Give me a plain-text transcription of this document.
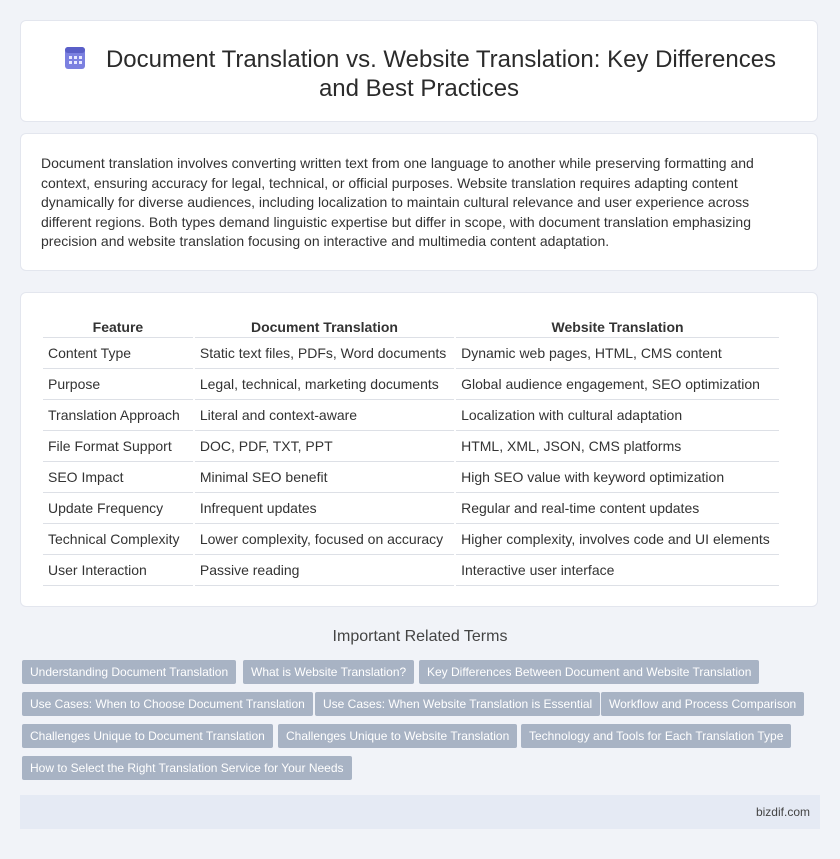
Document Translation vs. Website Translation: Key Differences and Best Practices

Document translation involves converting written text from one language to another while preserving formatting and context, ensuring accuracy for legal, technical, or official purposes. Website translation requires adapting content dynamically for diverse audiences, including localization to maintain cultural relevance and user experience across different regions. Both types demand linguistic expertise but differ in scope, with document translation emphasizing precision and website translation focusing on interactive and multimedia content adaptation.

Feature	Document Translation	Website Translation
Content Type	Static text files, PDFs, Word documents	Dynamic web pages, HTML, CMS content
Purpose	Legal, technical, marketing documents	Global audience engagement, SEO optimization
Translation Approach	Literal and context-aware	Localization with cultural adaptation
File Format Support	DOC, PDF, TXT, PPT	HTML, XML, JSON, CMS platforms
SEO Impact	Minimal SEO benefit	High SEO value with keyword optimization
Update Frequency	Infrequent updates	Regular and real-time content updates
Technical Complexity	Lower complexity, focused on accuracy	Higher complexity, involves code and UI elements
User Interaction	Passive reading	Interactive user interface
Important Related Terms
Understanding Document Translation	What is Website Translation?	Key Differences Between Document and Website Translation
Use Cases: When to Choose Document Translation	Use Cases: When Website Translation is Essential	Workflow and Process Comparison
Challenges Unique to Document Translation	Challenges Unique to Website Translation	Technology and Tools for Each Translation Type
How to Select the Right Translation Service for Your Needs
bizdif.com
